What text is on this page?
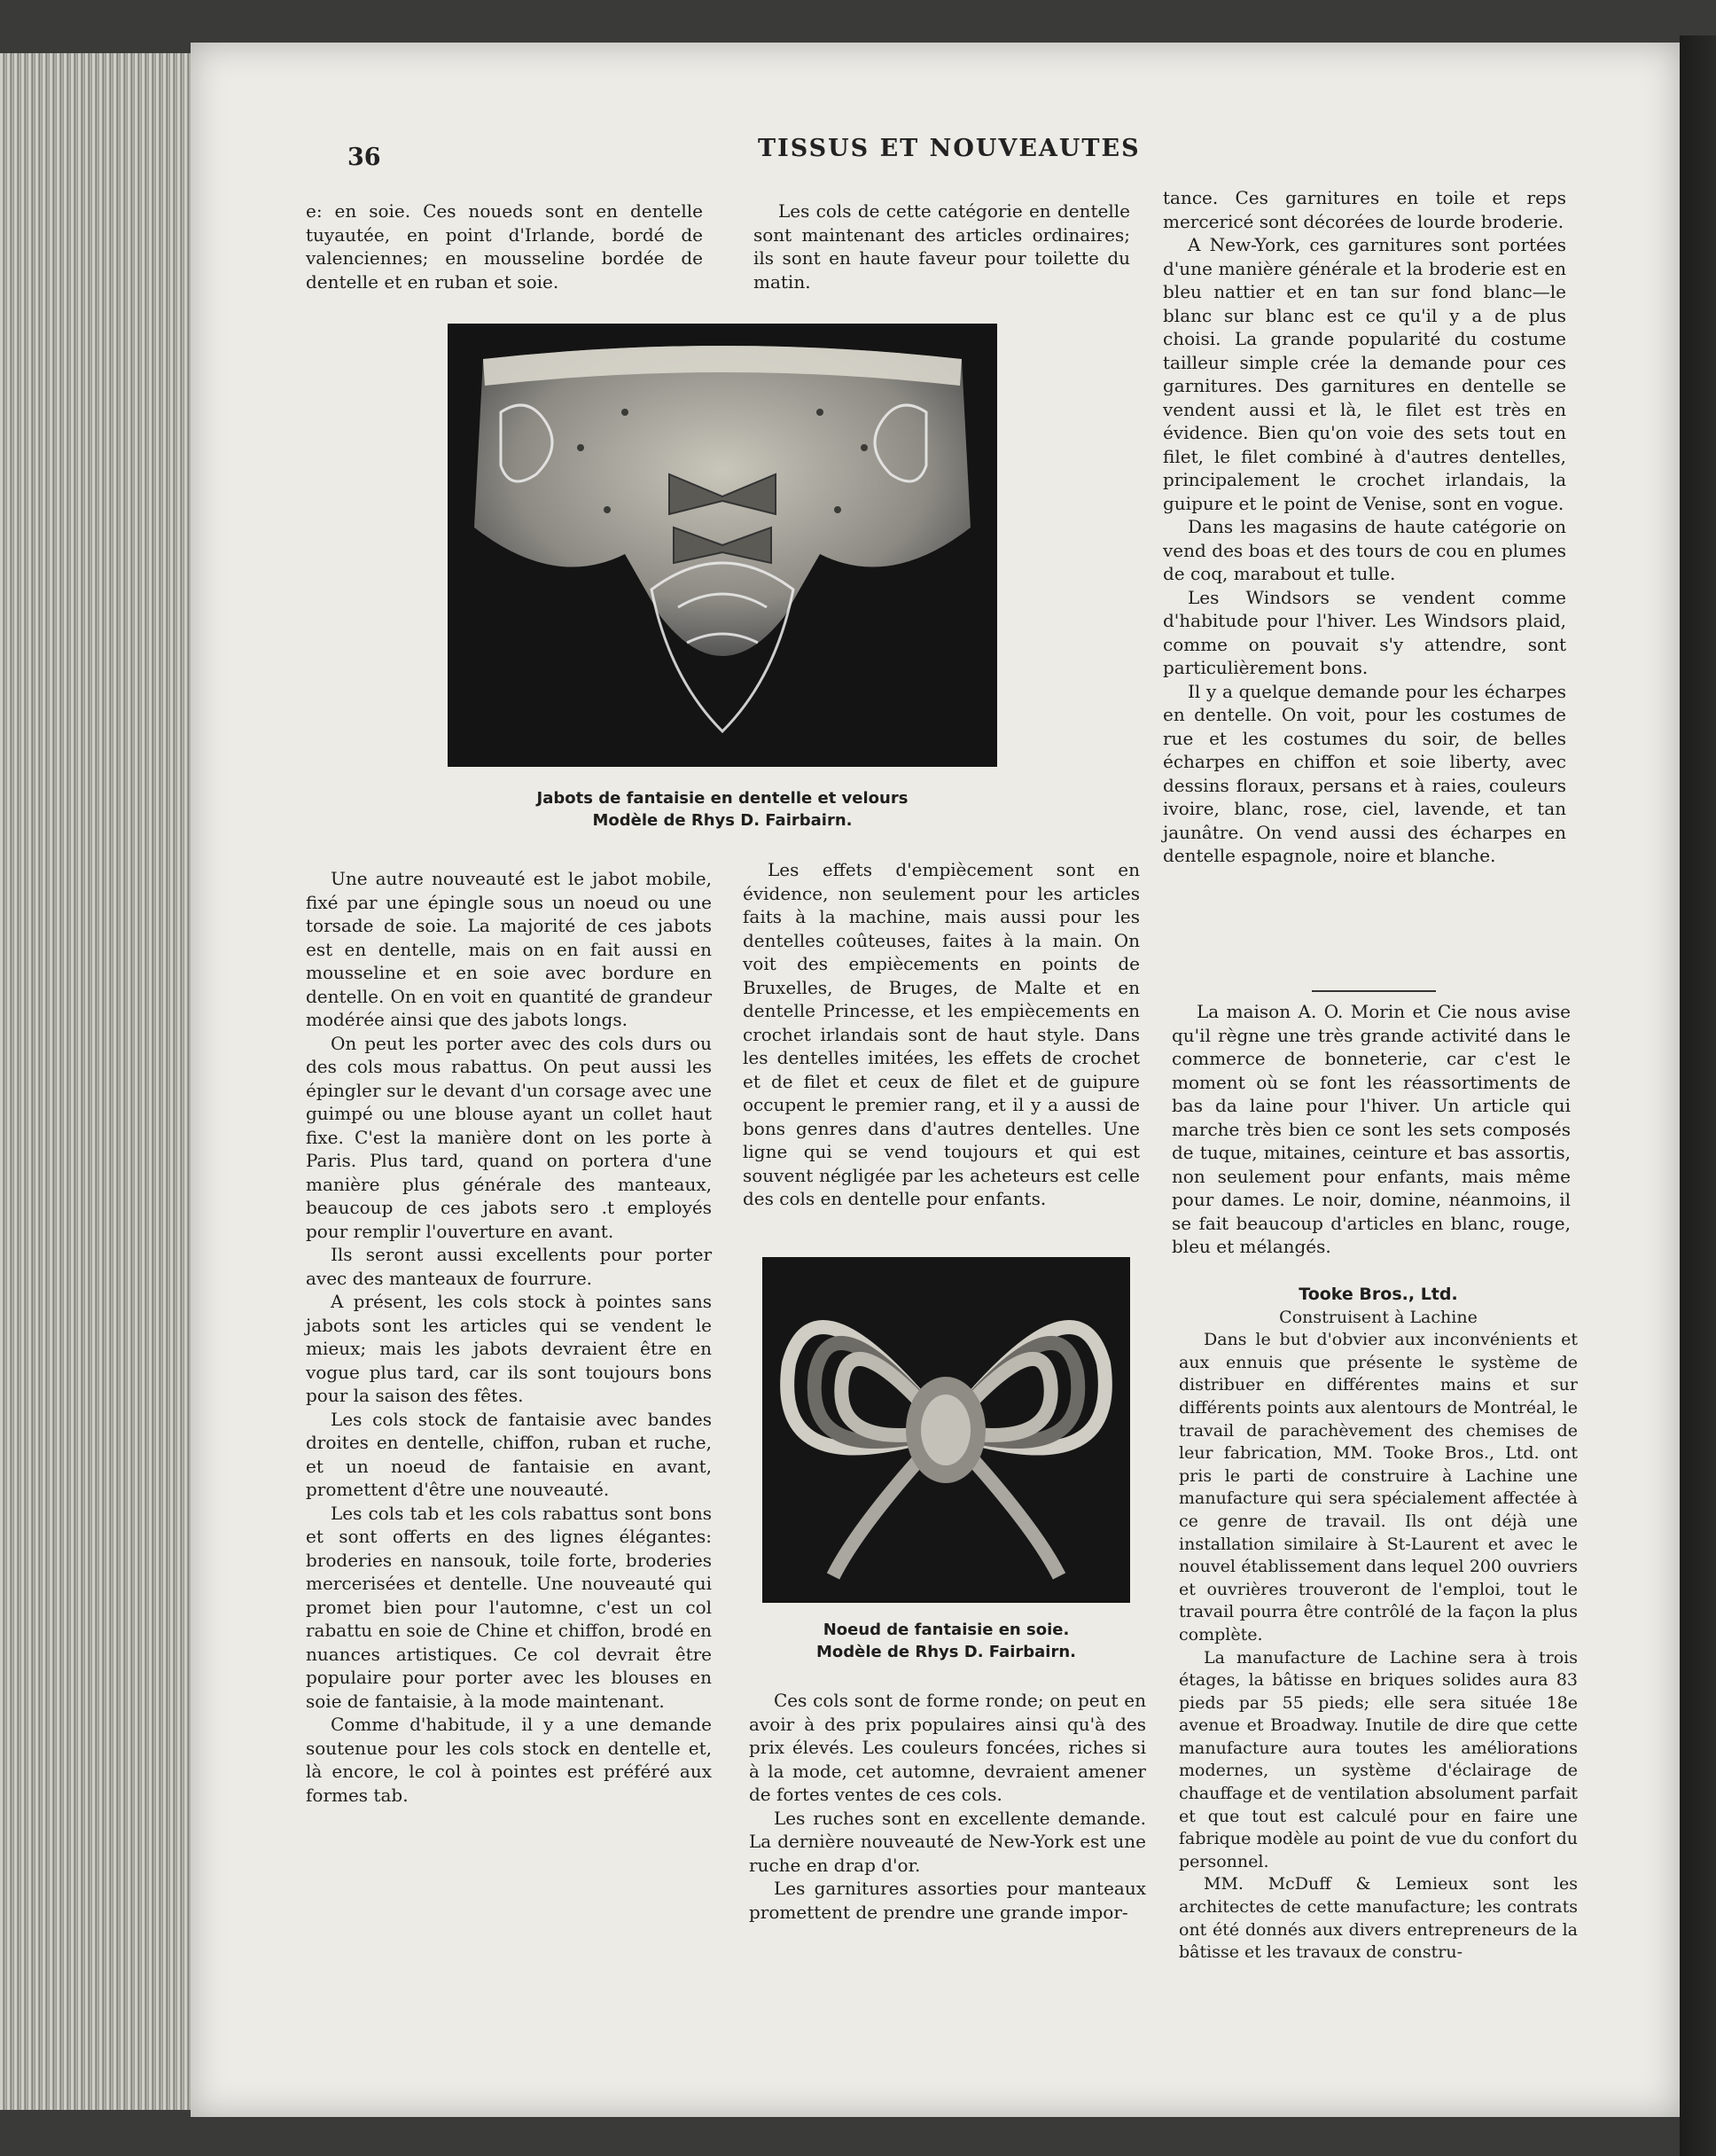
36	TISSUS ET NOUVEAUTES

e: en soie. Ces noueds sont en dentelle tuyautée, en point d'Irlande, bordé de valenciennes; en mousseline bordée de dentelle et en ruban et soie.

Les cols de cette catégorie en dentelle sont maintenant des articles ordinaires; ils sont en haute faveur pour toilette du matin.

Jabots de fantaisie en dentelle et velours
Modèle de Rhys D. Fairbairn.

Une autre nouveauté est le jabot mobile, fixé par une épingle sous un noeud ou une torsade de soie. La majorité de ces jabots est en dentelle, mais on en fait aussi en mousseline et en soie avec bordure en dentelle. On en voit en quantité de grandeur modérée ainsi que des jabots longs.

On peut les porter avec des cols durs ou des cols mous rabattus. On peut aussi les épingler sur le devant d'un corsage avec une guimpé ou une blouse ayant un collet haut fixe. C'est la manière dont on les porte à Paris. Plus tard, quand on portera d'une manière plus générale des manteaux, beaucoup de ces jabots sero .t employés pour remplir l'ouverture en avant.

Ils seront aussi excellents pour porter avec des manteaux de fourrure.

A présent, les cols stock à pointes sans jabots sont les articles qui se vendent le mieux; mais les jabots devraient être en vogue plus tard, car ils sont toujours bons pour la saison des fêtes.

Les cols stock de fantaisie avec bandes droites en dentelle, chiffon, ruban et ruche, et un noeud de fantaisie en avant, promettent d'être une nouveauté.

Les cols tab et les cols rabattus sont bons et sont offerts en des lignes élégantes: broderies en nansouk, toile forte, broderies mercerisées et dentelle. Une nouveauté qui promet bien pour l'automne, c'est un col rabattu en soie de Chine et chiffon, brodé en nuances artistiques. Ce col devrait être populaire pour porter avec les blouses en soie de fantaisie, à la mode maintenant.

Comme d'habitude, il y a une demande soutenue pour les cols stock en dentelle et, là encore, le col à pointes est préféré aux formes tab.

Les effets d'empiècement sont en évidence, non seulement pour les articles faits à la machine, mais aussi pour les dentelles coûteuses, faites à la main. On voit des empiècements en points de Bruxelles, de Bruges, de Malte et en dentelle Princesse, et les empiècements en crochet irlandais sont de haut style. Dans les dentelles imitées, les effets de crochet et de filet et ceux de filet et de guipure occupent le premier rang, et il y a aussi de bons genres dans d'autres dentelles. Une ligne qui se vend toujours et qui est souvent négligée par les acheteurs est celle des cols en dentelle pour enfants.

Noeud de fantaisie en soie.
Modèle de Rhys D. Fairbairn.

Ces cols sont de forme ronde; on peut en avoir à des prix populaires ainsi qu'à des prix élevés. Les couleurs foncées, riches si à la mode, cet automne, devraient amener de fortes ventes de ces cols.

Les ruches sont en excellente demande. La dernière nouveauté de New-York est une ruche en drap d'or.

Les garnitures assorties pour manteaux promettent de prendre une grande impor-

tance. Ces garnitures en toile et reps mercericé sont décorées de lourde broderie.

A New-York, ces garnitures sont portées d'une manière générale et la broderie est en bleu nattier et en tan sur fond blanc—le blanc sur blanc est ce qu'il y a de plus choisi. La grande popularité du costume tailleur simple crée la demande pour ces garnitures. Des garnitures en dentelle se vendent aussi et là, le filet est très en évidence. Bien qu'on voie des sets tout en filet, le filet combiné à d'autres dentelles, principalement le crochet irlandais, la guipure et le point de Venise, sont en vogue.

Dans les magasins de haute catégorie on vend des boas et des tours de cou en plumes de coq, marabout et tulle.

Les Windsors se vendent comme d'habitude pour l'hiver. Les Windsors plaid, comme on pouvait s'y attendre, sont particulièrement bons.

Il y a quelque demande pour les écharpes en dentelle. On voit, pour les costumes de rue et les costumes du soir, de belles écharpes en chiffon et soie liberty, avec dessins floraux, persans et à raies, couleurs ivoire, blanc, rose, ciel, lavende, et tan jaunâtre. On vend aussi des écharpes en dentelle espagnole, noire et blanche.

La maison A. O. Morin et Cie nous avise qu'il règne une très grande activité dans le commerce de bonneterie, car c'est le moment où se font les réassortiments de bas da laine pour l'hiver. Un article qui marche très bien ce sont les sets composés de tuque, mitaines, ceinture et bas assortis, non seulement pour enfants, mais même pour dames. Le noir, domine, néanmoins, il se fait beaucoup d'articles en blanc, rouge, bleu et mélangés.

Tooke Bros., Ltd.

Construisent à Lachine

Dans le but d'obvier aux inconvénients et aux ennuis que présente le système de distribuer en différentes mains et sur différents points aux alentours de Montréal, le travail de parachèvement des chemises de leur fabrication, MM. Tooke Bros., Ltd. ont pris le parti de construire à Lachine une manufacture qui sera spécialement affectée à ce genre de travail. Ils ont déjà une installation similaire à St-Laurent et avec le nouvel établissement dans lequel 200 ouvriers et ouvrières trouveront de l'emploi, tout le travail pourra être contrôlé de la façon la plus complète.

La manufacture de Lachine sera à trois étages, la bâtisse en briques solides aura 83 pieds par 55 pieds; elle sera située 18e avenue et Broadway. Inutile de dire que cette manufacture aura toutes les améliorations modernes, un système d'éclairage de chauffage et de ventilation absolument parfait et que tout est calculé pour en faire une fabrique modèle au point de vue du confort du personnel.

MM. McDuff & Lemieux sont les architectes de cette manufacture; les contrats ont été donnés aux divers entrepreneurs de la bâtisse et les travaux de constru-
